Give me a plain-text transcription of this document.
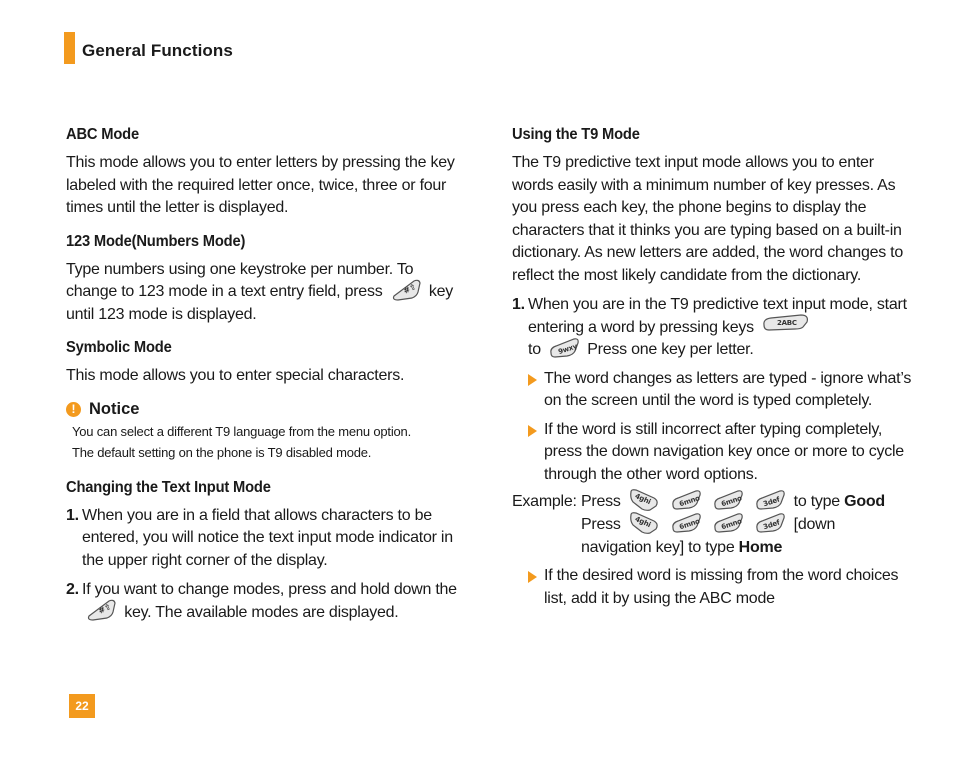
General Functions
ABC Mode

This mode allows you to enter letters by pressing the key labeled with the required letter once, twice, three or four times until the letter is displayed.

123 Mode(Numbers Mode)

Type numbers using one keystroke per number. To change to 123 mode in a text entry field, press #⇧ key until 123 mode is displayed.

Symbolic Mode

This mode allows you to enter special characters.

! Notice
You can select a different T9 language from the menu option.
The default setting on the phone is T9 disabled mode.
Changing the Text Input Mode
1. When you are in a field that allows characters to be entered, you will notice the text input mode indicator in the upper right corner of the display.
2. If you want to change modes, press and hold down the
#⇧ key. The available modes are displayed.
Using the T9 Mode

The T9 predictive text input mode allows you to enter words easily with a minimum number of key presses. As you press each key, the phone begins to display the characters that it thinks you are typing based on a built-in dictionary. As new letters are added, the word changes to reflect the most likely candidate from the dictionary.

1. When you are in the T9 predictive text input mode, start entering a word by pressing keys	2ABC

to 9wxy Press one key per letter.
The word changes as letters are typed - ignore what’s on the screen until the word is typed completely.
If the word is still incorrect after typing completely, press the down navigation key once or more to cycle through the other word options.
Example: Press 4ghi
	6mno
	6mno
	3def to type Good
Press 4ghi
	6mno
	6mno
	3def [down
navigation key] to type Home
If the desired word is missing from the word choices list, add it by using the ABC mode
22
